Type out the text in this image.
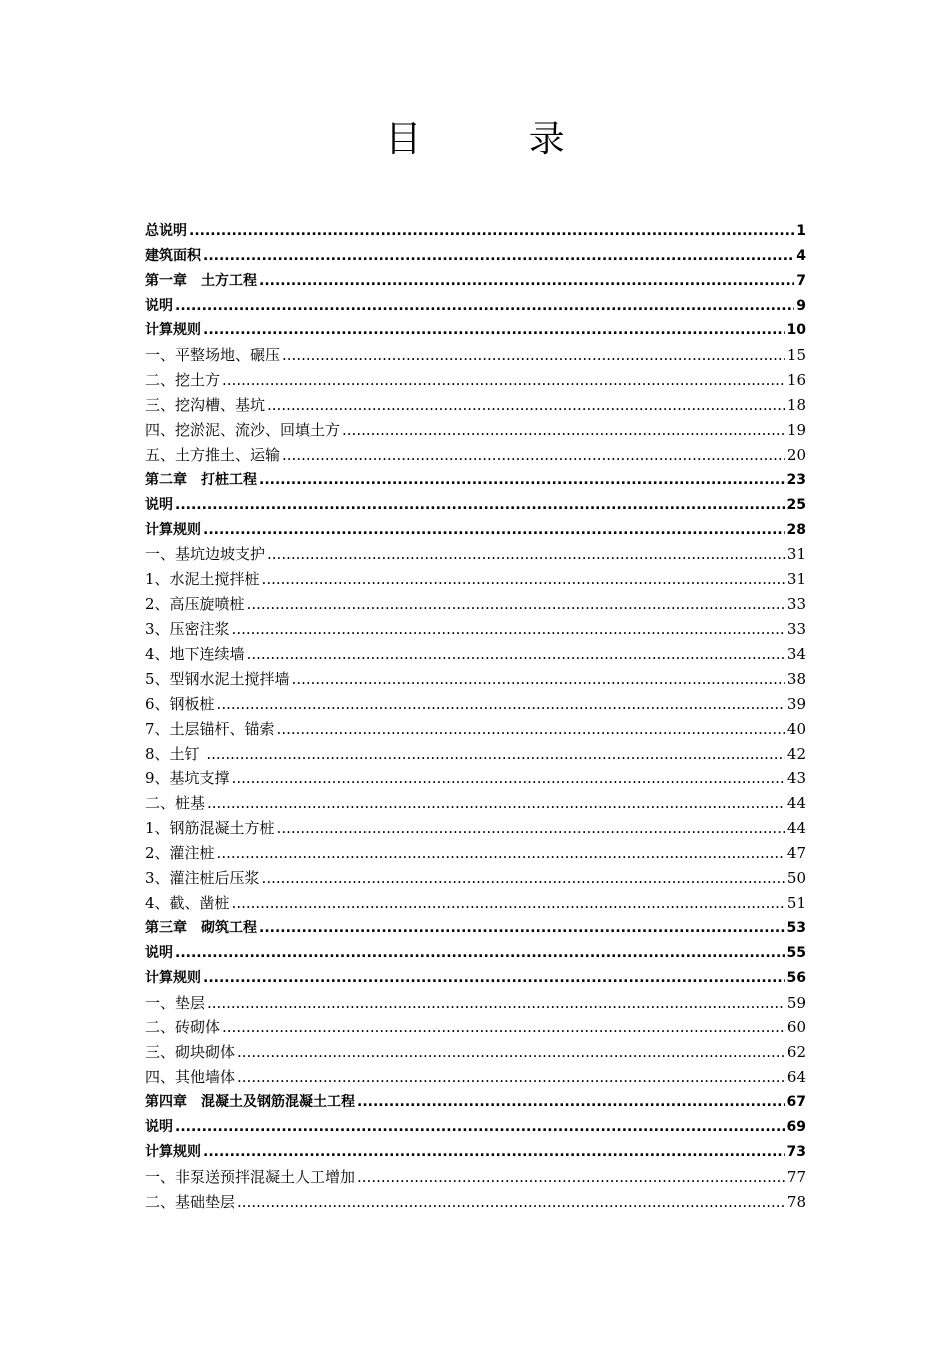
目 录
总说明 .....	1
建筑面积 .....	4
第一章　土方工程 .....	7
说明 .....	9
计算规则 .....	10
一、平整场地、碾压 .....	15
二、挖土方 .....	16
三、挖沟槽、基坑 .....	18
四、挖淤泥、流沙、回填土方 .....	19
五、土方推土、运输 .....	20
第二章　打桩工程 .....	23
说明 .....	25
计算规则 .....	28
一、基坑边坡支护 .....	31
1、水泥土搅拌桩 .....	31
2、高压旋喷桩 .....	33
3、压密注浆 .....	33
4、地下连续墙 .....	34
5、型钢水泥土搅拌墙 .....	38
6、钢板桩 .....	39
7、土层锚杆、锚索 .....	40
8、土钉 .....	42
9、基坑支撑 .....	43
二、桩基 .....	44
1、钢筋混凝土方桩 .....	44
2、灌注桩 .....	47
3、灌注桩后压浆 .....	50
4、截、凿桩 .....	51
第三章　砌筑工程 .....	53
说明 .....	55
计算规则 .....	56
一、垫层 .....	59
二、砖砌体 .....	60
三、砌块砌体 .....	62
四、其他墙体 .....	64
第四章　混凝土及钢筋混凝土工程 .....	67
说明 .....	69
计算规则 .....	73
一、非泵送预拌混凝土人工增加 .....	77
二、基础垫层 .....	78
